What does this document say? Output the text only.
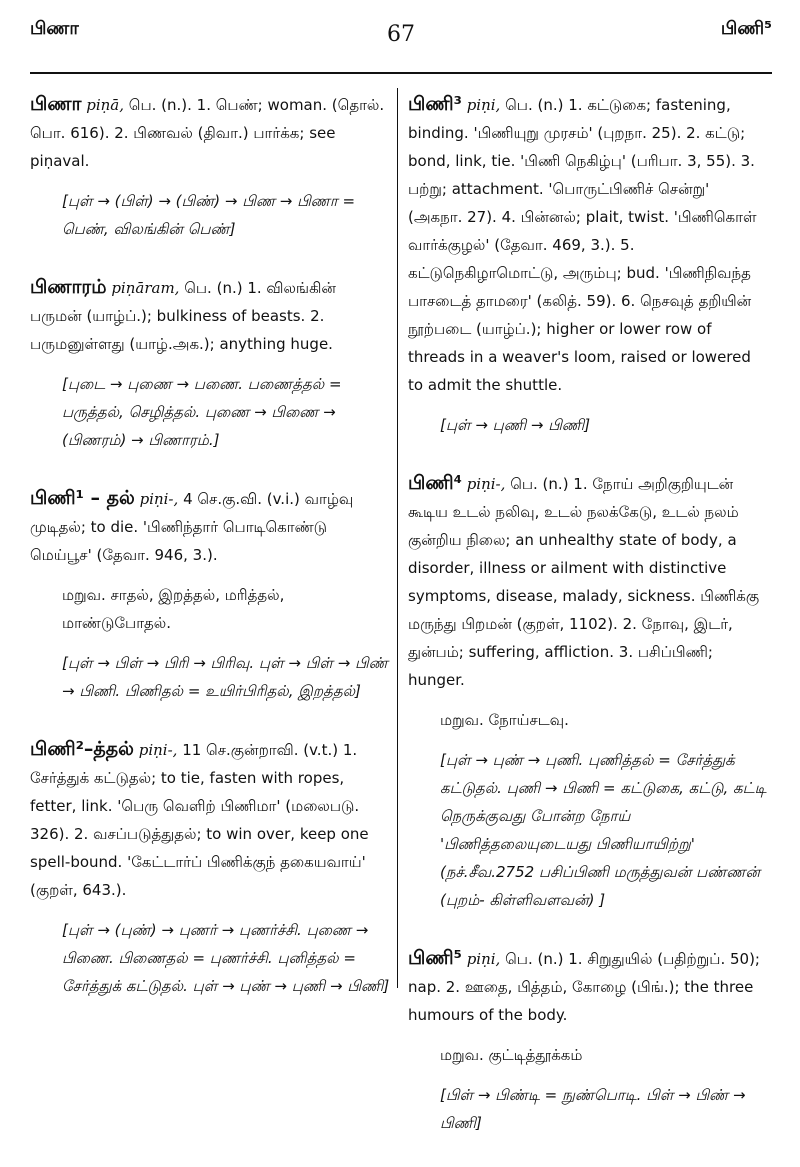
பிணா	67	பிணி⁵
பிணா piṇā, பெ. (n.). 1. பெண்; woman. (தொல். பொ. 616). 2. பிணவல் (திவா.) பார்க்க; see piṇaval.
[புள் → (பிள்) → (பிண்) → பிண → பிணா = பெண், விலங்கின் பெண்]
பிணாரம் piṇāram, பெ. (n.) 1. விலங்கின் பருமன் (யாழ்ப்.); bulkiness of beasts. 2. பருமனுள்ளது (யாழ்.அக.); anything huge.
[புடை → புணை → பணை. பணைத்தல் = பருத்தல், செழித்தல். புணை → பிணை → (பிணரம்) → பிணாரம்.]
பிணி¹ – தல் piṇi-, 4 செ.கு.வி. (v.i.) வாழ்வு முடிதல்; to die. 'பிணிந்தார் பொடிகொண்டு மெய்பூச' (தேவா. 946, 3.).
மறுவ. சாதல், இறத்தல், மரித்தல், மாண்டுபோதல்.
[புள் → பிள் → பிரி → பிரிவு. புள் → பிள் → பிண் → பிணி. பிணிதல் = உயிர்பிரிதல், இறத்தல்]
பிணி²–த்தல் piṇi-, 11 செ.குன்றாவி. (v.t.) 1. சேர்த்துக் கட்டுதல்; to tie, fasten with ropes, fetter, link. 'பெரு வெளிற் பிணிமா' (மலைபடு. 326). 2. வசப்படுத்துதல்; to win over, keep one spell-bound. 'கேட்டார்ப் பிணிக்குந் தகையவாய்' (குறள், 643.).
[புள் → (புண்) → புணர் → புணர்ச்சி. புணை → பிணை. பிணைதல் = புணர்ச்சி. புனித்தல் = சேர்த்துக் கட்டுதல். புள் → புண் → புணி → பிணி]
பிணி³ piṇi, பெ. (n.) 1. கட்டுகை; fastening, binding. 'பிணியுறு முரசம்' (புறநா. 25). 2. கட்டு; bond, link, tie. 'பிணி நெகிழ்பு' (பரிபா. 3, 55). 3. பற்று; attachment. 'பொருட்பிணிச் சென்று' (அகநா. 27). 4. பின்னல்; plait, twist. 'பிணிகொள் வார்க்குழல்' (தேவா. 469, 3.). 5. கட்டுநெகிழாமொட்டு, அரும்பு; bud. 'பிணிநிவந்த பாசடைத் தாமரை' (கலித். 59). 6. நெசவுத் தறியின் நூற்படை (யாழ்ப்.); higher or lower row of threads in a weaver's loom, raised or lowered to admit the shuttle.
[புள் → புணி → பிணி]
பிணி⁴ piṇi-, பெ. (n.) 1. நோய் அறிகுறியுடன் கூடிய உடல் நலிவு, உடல் நலக்கேடு, உடல் நலம் குன்றிய நிலை; an unhealthy state of body, a disorder, illness or ailment with distinctive symptoms, disease, malady, sickness. பிணிக்கு மருந்து பிறமன் (குறள், 1102). 2. நோவு, இடர், துன்பம்; suffering, affliction. 3. பசிப்பிணி; hunger.
மறுவ. நோய்சடவு.
[புள் → புண் → புணி. புணித்தல் = சேர்த்துக் கட்டுதல். புணி → பிணி = கட்டுகை, கட்டு, கட்டி நெருக்குவது போன்ற நோய் 'பிணித்தலையுடையது பிணியாயிற்று' (நச்.சீவ.2752 பசிப்பிணி மருத்துவன் பண்ணன் (புறம்- கிள்ளிவளவன்) ]
பிணி⁵ piṇi, பெ. (n.) 1. சிறுதுயில் (பதிற்றுப். 50); nap. 2. ஊதை, பித்தம், கோழை (பிங்.); the three humours of the body.
மறுவ. குட்டித்தூக்கம்
[பிள் → பிண்டி = நுண்பொடி. பிள் → பிண் → பிணி]
